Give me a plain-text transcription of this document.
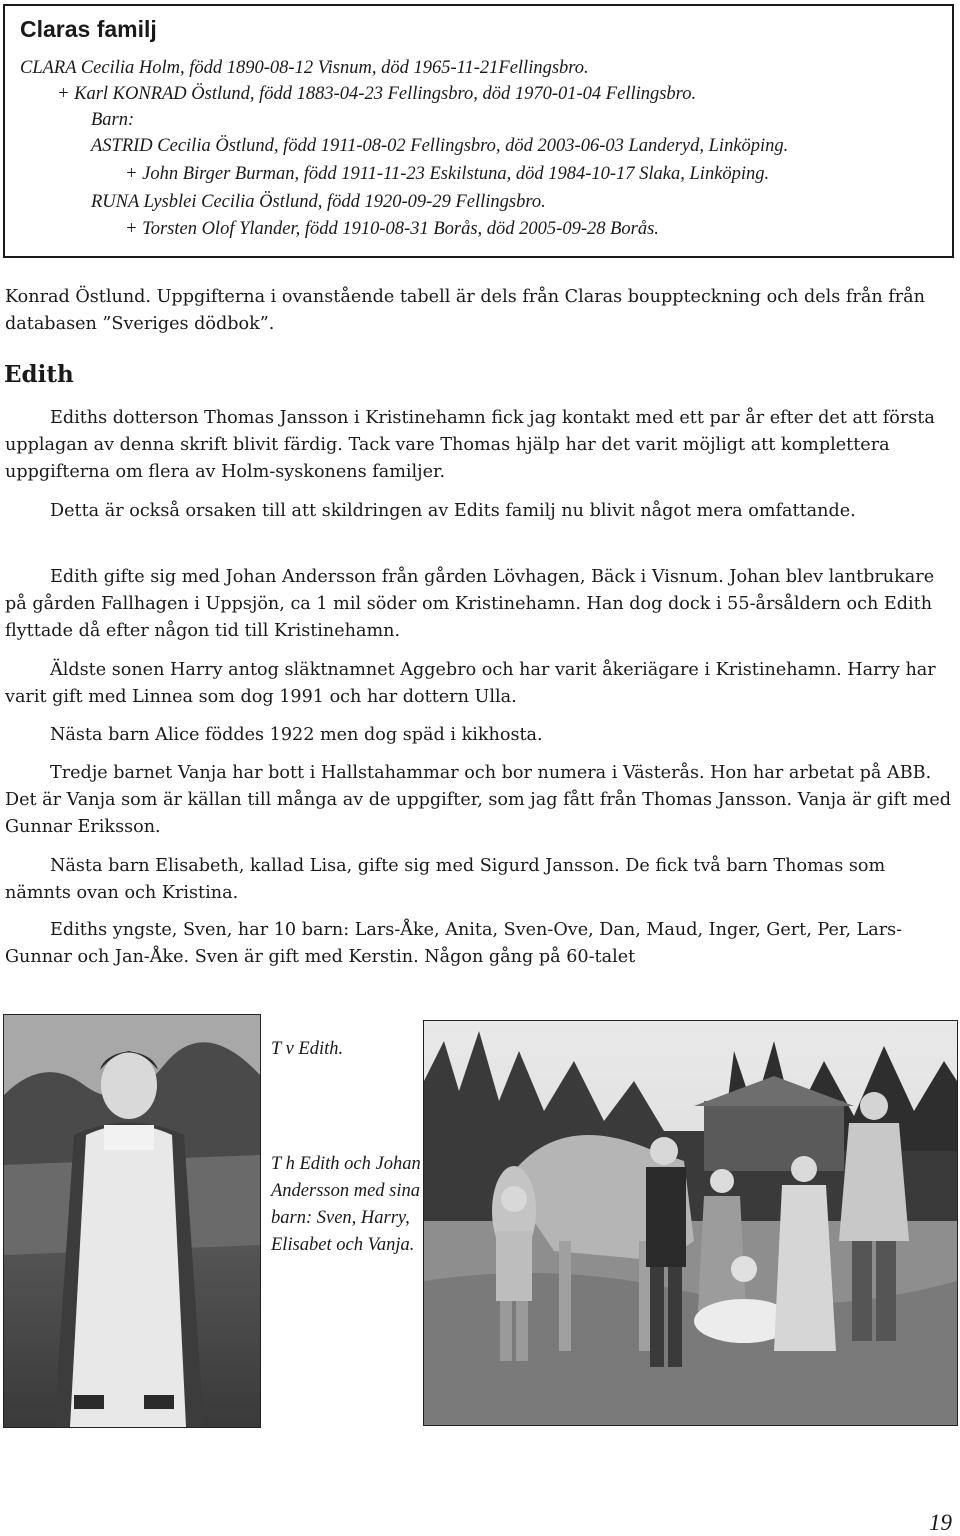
Claras familj

CLARA Cecilia Holm, född 1890-08-12 Visnum, död 1965-11-21Fellingsbro.

+ Karl KONRAD Östlund, född 1883-04-23 Fellingsbro, död 1970-01-04 Fellingsbro.

Barn:

ASTRID Cecilia Östlund, född 1911-08-02 Fellingsbro, död 2003-06-03 Landeryd, Linköping.

+ John Birger Burman, född 1911-11-23 Eskilstuna, död 1984-10-17 Slaka, Linköping.

RUNA Lysblei Cecilia Östlund, född 1920-09-29 Fellingsbro.

+ Torsten Olof Ylander, född 1910-08-31 Borås, död 2005-09-28 Borås.

Konrad Östlund. Uppgifterna i ovanstående tabell är dels från Claras bouppteckning och dels från från databasen ”Sveriges dödbok”.

Edith

Ediths dotterson Thomas Jansson i Kristinehamn fick jag kontakt med ett par år efter det att första upplagan av denna skrift blivit färdig. Tack vare Thomas hjälp har det varit möjligt att komplettera uppgifterna om flera av Holm-syskonens familjer.

Detta är också orsaken till att skildringen av Edits familj nu blivit något mera omfattande.

Edith gifte sig med Johan Andersson från gården Lövhagen, Bäck i Visnum. Johan blev lantbrukare på gården Fallhagen i Uppsjön, ca 1 mil söder om Kristinehamn. Han dog dock i 55-årsåldern och Edith flyttade då efter någon tid till Kristinehamn.

Äldste sonen Harry antog släktnamnet Aggebro och har varit åkeriägare i Kristinehamn. Harry har varit gift med Linnea som dog 1991 och har dottern Ulla.

Nästa barn Alice föddes 1922 men dog späd i kikhosta.

Tredje barnet Vanja har bott i Hallstahammar och bor numera i Västerås. Hon har arbetat på ABB. Det är Vanja som är källan till många av de uppgifter, som jag fått från Thomas Jansson. Vanja är gift med Gunnar Eriksson.

Nästa barn Elisabeth, kallad Lisa, gifte sig med Sigurd Jansson. De fick två barn Thomas som nämnts ovan och Kristina.

Ediths yngste, Sven, har 10 barn: Lars-Åke, Anita, Sven-Ove, Dan, Maud, Inger, Gert, Per, Lars-Gunnar och Jan-Åke. Sven är gift med Kerstin. Någon gång på 60-talet

T v Edith.

T h Edith och Johan Andersson med sina barn: Sven, Harry, Elisabet och Vanja.

19
